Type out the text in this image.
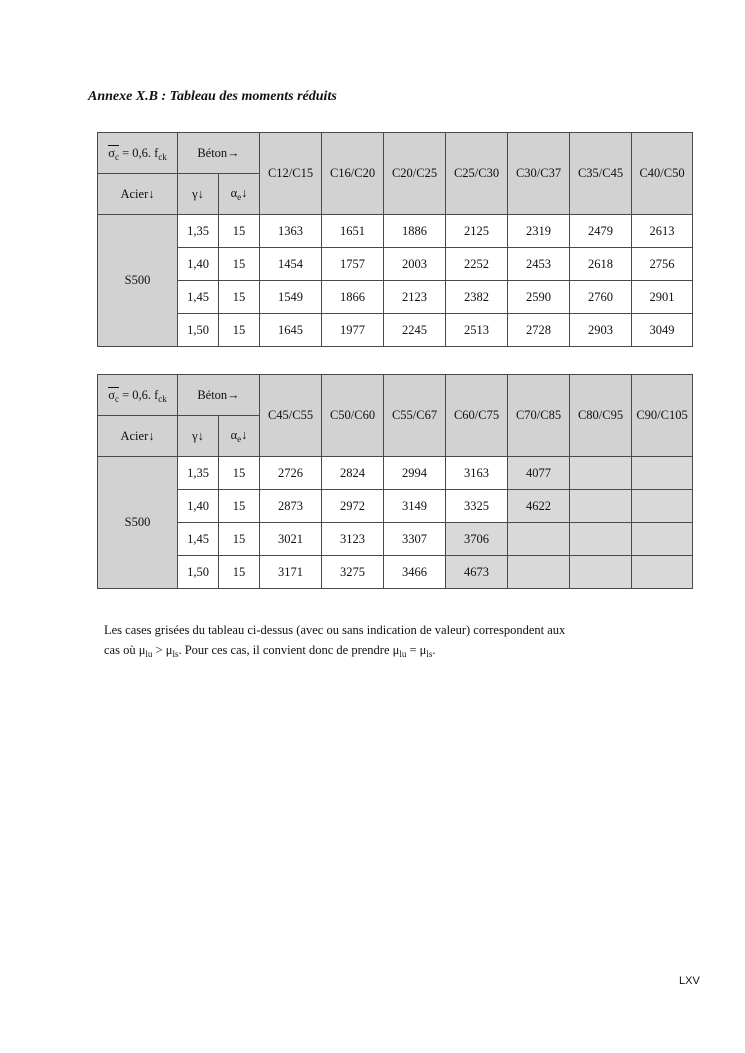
Annexe X.B : Tableau des moments réduits
$\sigma_c = 0,6$. $f_{ck}$	Béton→		C12/C15	C16/C20	C20/C25	C25/C30	C30/C37	C35/C45	C40/C50
Acier↓	γ↓	$\alpha_e↓$							
S500	1,35	15	1363	1651	1886	2125	2319	2479	2613
	1,40	15	1454	1757	2003	2252	2453	2618	2756
	1,45	15	1549	1866	2123	2382	2590	2760	2901
	1,50	15	1645	1977	2245	2513	2728	2903	3049
$\sigma_c = 0,6$. $f_{ck}$	Béton→		C45/C55	C50/C60	C55/C67	C60/C75	C70/C85	C80/C95	C90/C105
Acier↓	γ↓	$\alpha_e↓$							
S500	1,35	15	2726	2824	2994	3163	4077		
	1,40	15	2873	2972	3149	3325	4622		
	1,45	15	3021	3123	3307	3706			
	1,50	15	3171	3275	3466	4673			
Les cases grisées du tableau ci-dessus (avec ou sans indication de valeur) correspondent aux
cas où $\mu_{lu} > \mu_{ls}$. Pour ces cas, il convient donc de prendre $\mu_{lu} = \mu_{ls}$.
LXV
